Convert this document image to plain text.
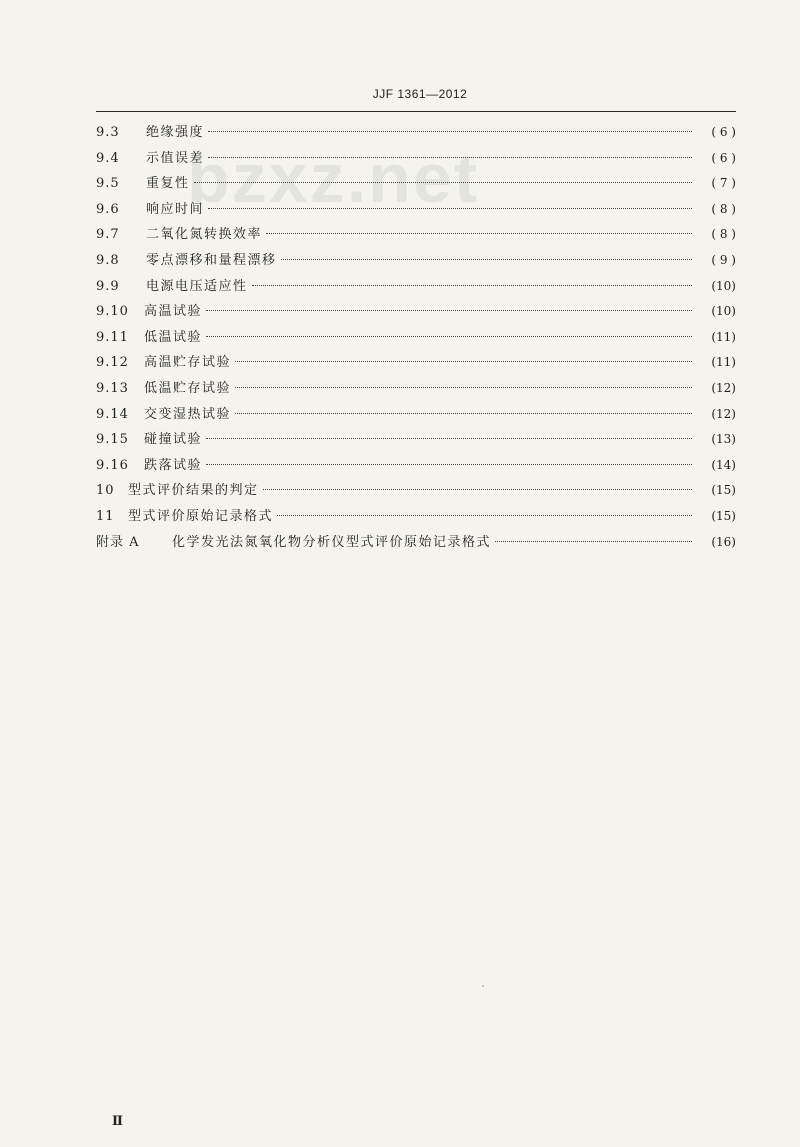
JJF 1361—2012
bzxz.net
9.3	绝缘强度	( 6 )
9.4	示值误差	( 6 )
9.5	重复性	( 7 )
9.6	响应时间	( 8 )
9.7	二氧化氮转换效率	( 8 )
9.8	零点漂移和量程漂移	( 9 )
9.9	电源电压适应性	(10)
9.10	高温试验	(10)
9.11	低温试验	(11)
9.12	高温贮存试验	(11)
9.13	低温贮存试验	(12)
9.14	交变湿热试验	(12)
9.15	碰撞试验	(13)
9.16	跌落试验	(14)
10	型式评价结果的判定	(15)
11	型式评价原始记录格式	(15)
附录 A	化学发光法氮氧化物分析仪型式评价原始记录格式	(16)
Ⅱ
